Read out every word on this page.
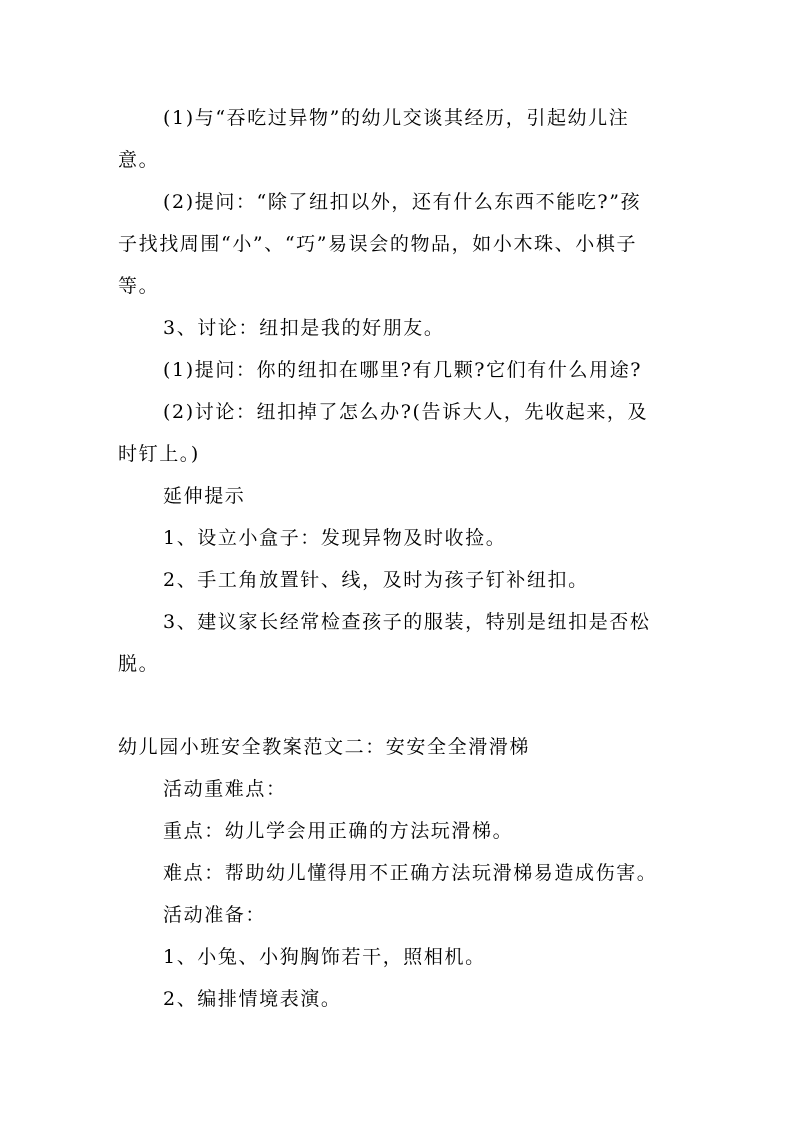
(1)与“吞吃过异物”的幼儿交谈其经历，引起幼儿注
意。
(2)提问：“除了纽扣以外，还有什么东西不能吃?”孩
子找找周围“小”、“巧”易误会的物品，如小木珠、小棋子
等。
3、讨论：纽扣是我的好朋友。
(1)提问：你的纽扣在哪里?有几颗?它们有什么用途?
(2)讨论：纽扣掉了怎么办?(告诉大人，先收起来，及
时钉上。)
延伸提示
1、设立小盒子：发现异物及时收捡。
2、手工角放置针、线，及时为孩子钉补纽扣。
3、建议家长经常检查孩子的服装，特别是纽扣是否松
脱。
幼儿园小班安全教案范文二：安安全全滑滑梯
活动重难点：
重点：幼儿学会用正确的方法玩滑梯。
难点：帮助幼儿懂得用不正确方法玩滑梯易造成伤害。
活动准备：
1、小兔、小狗胸饰若干，照相机。
2、编排情境表演。
